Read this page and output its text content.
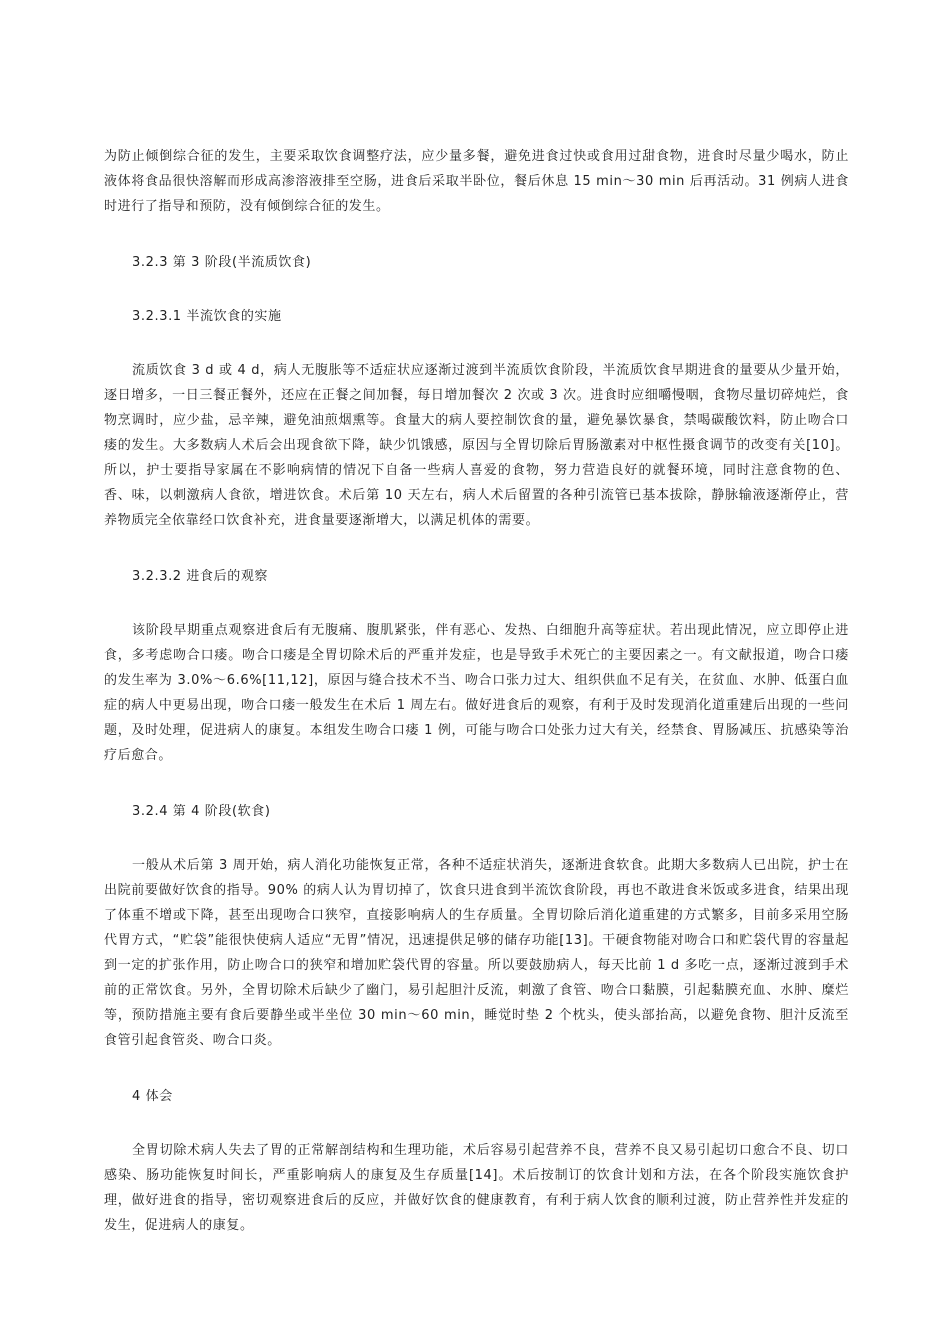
为防止倾倒综合征的发生，主要采取饮食调整疗法，应少量多餐，避免进食过快或食用过甜食物，进食时尽量少喝水，防止液体将食品很快溶解而形成高渗溶液排至空肠，进食后采取半卧位，餐后休息 15 min～30 min 后再活动。31 例病人进食时进行了指导和预防，没有倾倒综合征的发生。

3.2.3 第 3 阶段(半流质饮食)

3.2.3.1 半流饮食的实施

流质饮食 3 d 或 4 d，病人无腹胀等不适症状应逐渐过渡到半流质饮食阶段，半流质饮食早期进食的量要从少量开始，逐日增多，一日三餐正餐外，还应在正餐之间加餐，每日增加餐次 2 次或 3 次。进食时应细嚼慢咽，食物尽量切碎炖烂，食物烹调时，应少盐，忌辛辣，避免油煎烟熏等。食量大的病人要控制饮食的量，避免暴饮暴食，禁喝碳酸饮料，防止吻合口瘘的发生。大多数病人术后会出现食欲下降，缺少饥饿感，原因与全胃切除后胃肠激素对中枢性摄食调节的改变有关[10]。所以，护士要指导家属在不影响病情的情况下自备一些病人喜爱的食物，努力营造良好的就餐环境，同时注意食物的色、香、味，以刺激病人食欲，增进饮食。术后第 10 天左右，病人术后留置的各种引流管已基本拔除，静脉输液逐渐停止，营养物质完全依靠经口饮食补充，进食量要逐渐增大，以满足机体的需要。

3.2.3.2 进食后的观察

该阶段早期重点观察进食后有无腹痛、腹肌紧张，伴有恶心、发热、白细胞升高等症状。若出现此情况，应立即停止进食，多考虑吻合口瘘。吻合口瘘是全胃切除术后的严重并发症，也是导致手术死亡的主要因素之一。有文献报道，吻合口瘘的发生率为 3.0%～6.6%[11,12]，原因与缝合技术不当、吻合口张力过大、组织供血不足有关，在贫血、水肿、低蛋白血症的病人中更易出现，吻合口瘘一般发生在术后 1 周左右。做好进食后的观察，有利于及时发现消化道重建后出现的一些问题，及时处理，促进病人的康复。本组发生吻合口瘘 1 例，可能与吻合口处张力过大有关，经禁食、胃肠减压、抗感染等治疗后愈合。

3.2.4 第 4 阶段(软食)

一般从术后第 3 周开始，病人消化功能恢复正常，各种不适症状消失，逐渐进食软食。此期大多数病人已出院，护士在出院前要做好饮食的指导。90% 的病人认为胃切掉了，饮食只进食到半流饮食阶段，再也不敢进食米饭或多进食，结果出现了体重不增或下降，甚至出现吻合口狭窄，直接影响病人的生存质量。全胃切除后消化道重建的方式繁多，目前多采用空肠代胃方式，“贮袋”能很快使病人适应“无胃”情况，迅速提供足够的储存功能[13]。干硬食物能对吻合口和贮袋代胃的容量起到一定的扩张作用，防止吻合口的狭窄和增加贮袋代胃的容量。所以要鼓励病人，每天比前 1 d 多吃一点，逐渐过渡到手术前的正常饮食。另外，全胃切除术后缺少了幽门，易引起胆汁反流，刺激了食管、吻合口黏膜，引起黏膜充血、水肿、糜烂等，预防措施主要有食后要静坐或半坐位 30 min～60 min，睡觉时垫 2 个枕头，使头部抬高，以避免食物、胆汁反流至食管引起食管炎、吻合口炎。

4 体会

全胃切除术病人失去了胃的正常解剖结构和生理功能，术后容易引起营养不良，营养不良又易引起切口愈合不良、切口感染、肠功能恢复时间长，严重影响病人的康复及生存质量[14]。术后按制订的饮食计划和方法，在各个阶段实施饮食护理，做好进食的指导，密切观察进食后的反应，并做好饮食的健康教育，有利于病人饮食的顺利过渡，防止营养性并发症的发生，促进病人的康复。
